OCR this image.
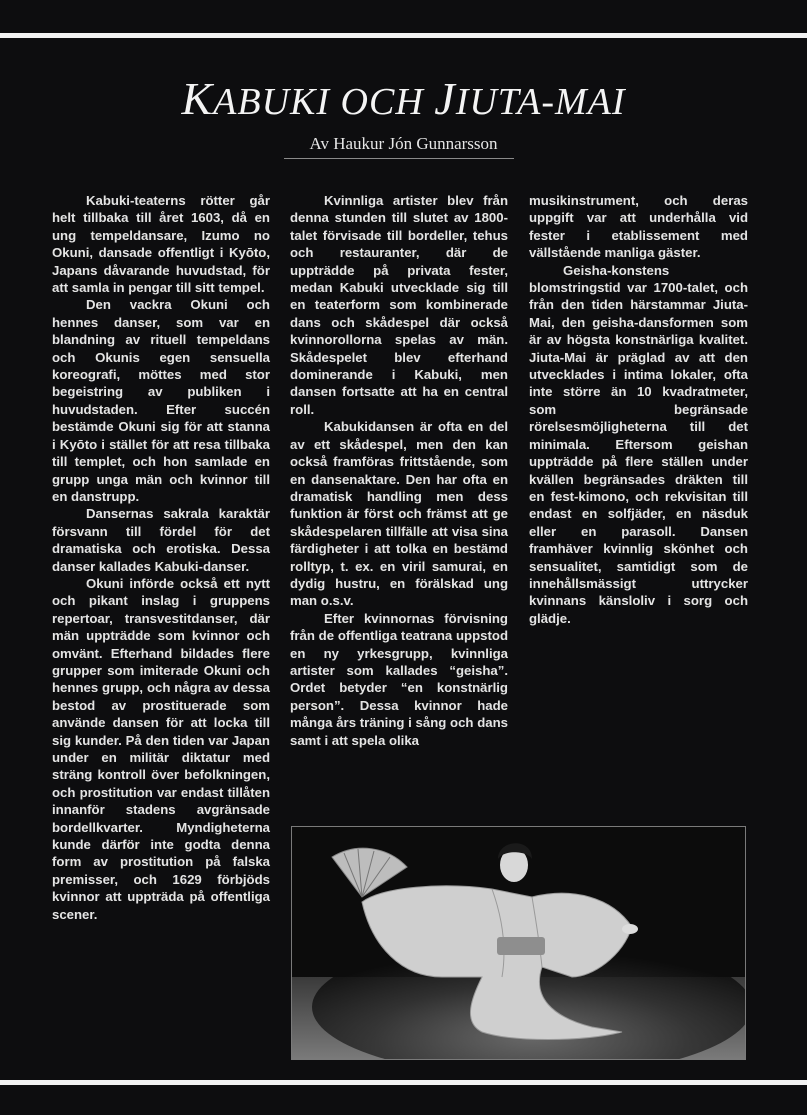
KABUKI OCH JIUTA-MAI
Av Haukur Jón Gunnarsson

Kabuki-teaterns rötter går helt tillbaka till året 1603, då en ung tempeldansare, Izumo no Okuni, dansade offentligt i Kyōto, Japans dåvarande huvudstad, för att samla in pengar till sitt tempel.

Den vackra Okuni och hennes danser, som var en blandning av rituell tempeldans och Okunis egen sensuella koreografi, möttes med stor begeistring av publiken i huvudstaden. Efter succén bestämde Okuni sig för att stanna i Kyōto i stället för att resa tillbaka till templet, och hon samlade en grupp unga män och kvinnor till en danstrupp.

Dansernas sakrala karaktär försvann till fördel för det dramatiska och erotiska. Dessa danser kallades Kabuki-danser.

Okuni införde också ett nytt och pikant inslag i gruppens repertoar, transvestitdanser, där män uppträdde som kvinnor och omvänt. Efterhand bildades flere grupper som imiterade Okuni och hennes grupp, och några av dessa bestod av prostituerade som använde dansen för att locka till sig kunder. På den tiden var Japan under en militär diktatur med sträng kontroll över befolkningen, och prostitution var endast tillåten innanför stadens avgränsade bordellkvarter. Myndigheterna kunde därför inte godta denna form av prostitution på falska premisser, och 1629 förbjöds kvinnor att uppträda på offentliga scener.

Kvinnliga artister blev från denna stunden till slutet av 1800-talet förvisade till bordeller, tehus och restauranter, där de uppträdde på privata fester, medan Kabuki utvecklade sig till en teaterform som kombinerade dans och skådespel där också kvinnorollorna spelas av män. Skådespelet blev efterhand dominerande i Kabuki, men dansen fortsatte att ha en central roll.

Kabukidansen är ofta en del av ett skådespel, men den kan också framföras frittstående, som en dansenaktare. Den har ofta en dramatisk handling men dess funktion är först och främst att ge skådespelaren tillfälle att visa sina färdigheter i att tolka en bestämd rolltyp, t. ex. en viril samurai, en dydig hustru, en förälskad ung man o.s.v.

Efter kvinnornas förvisning från de offentliga teatrana uppstod en ny yrkesgrupp, kvinnliga artister som kallades “geisha”. Ordet betyder “en konstnärlig person”. Dessa kvinnor hade många års träning i sång och dans samt i att spela olika

musikinstrument, och deras uppgift var att underhålla vid fester i etablissement med vällstående manliga gäster.

Geisha-konstens blomstringstid var 1700-talet, och från den tiden härstammar Jiuta-Mai, den geisha-dansformen som är av högsta konstnärliga kvalitet. Jiuta-Mai är präglad av att den utvecklades i intima lokaler, ofta inte större än 10 kvadratmeter, som begränsade rörelsesmöjligheterna till det minimala. Eftersom geishan uppträdde på flere ställen under kvällen begränsades dräkten till en fest-kimono, och rekvisitan till endast en solfjäder, en näsduk eller en parasoll. Dansen framhäver kvinnlig skönhet och sensualitet, samtidigt som de innehållsmässigt uttrycker kvinnans känsloliv i sorg och glädje.
